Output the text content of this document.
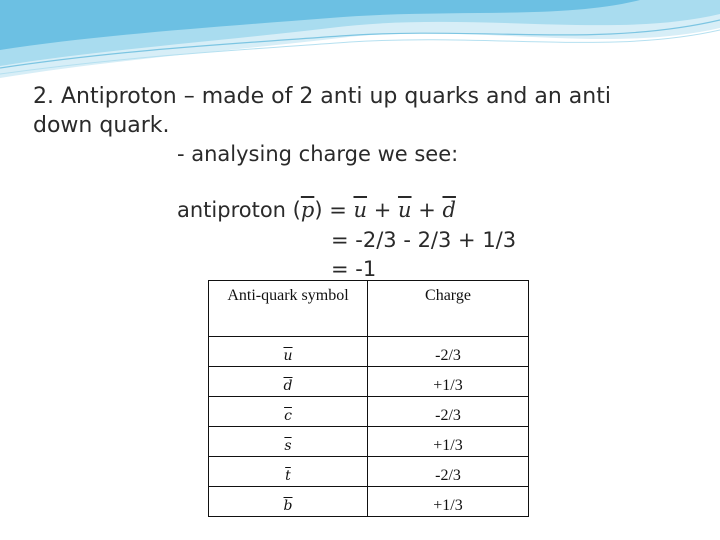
2. Antiproton – made of 2 anti up quarks and an anti down quark.
- analysing charge we see:
antiproton $(\overline{p}) = \overline{u} + \overline{u} + \overline{d}$
= -2/3 - 2/3 + 1/3
= -1
Anti-quark symbol	Charge
$\overline{u}$	-2/3
$\overline{d}$	+1/3
$\overline{c}$	-2/3
$\overline{s}$	+1/3
$\overline{t}$	-2/3
$\overline{b}$	+1/3
